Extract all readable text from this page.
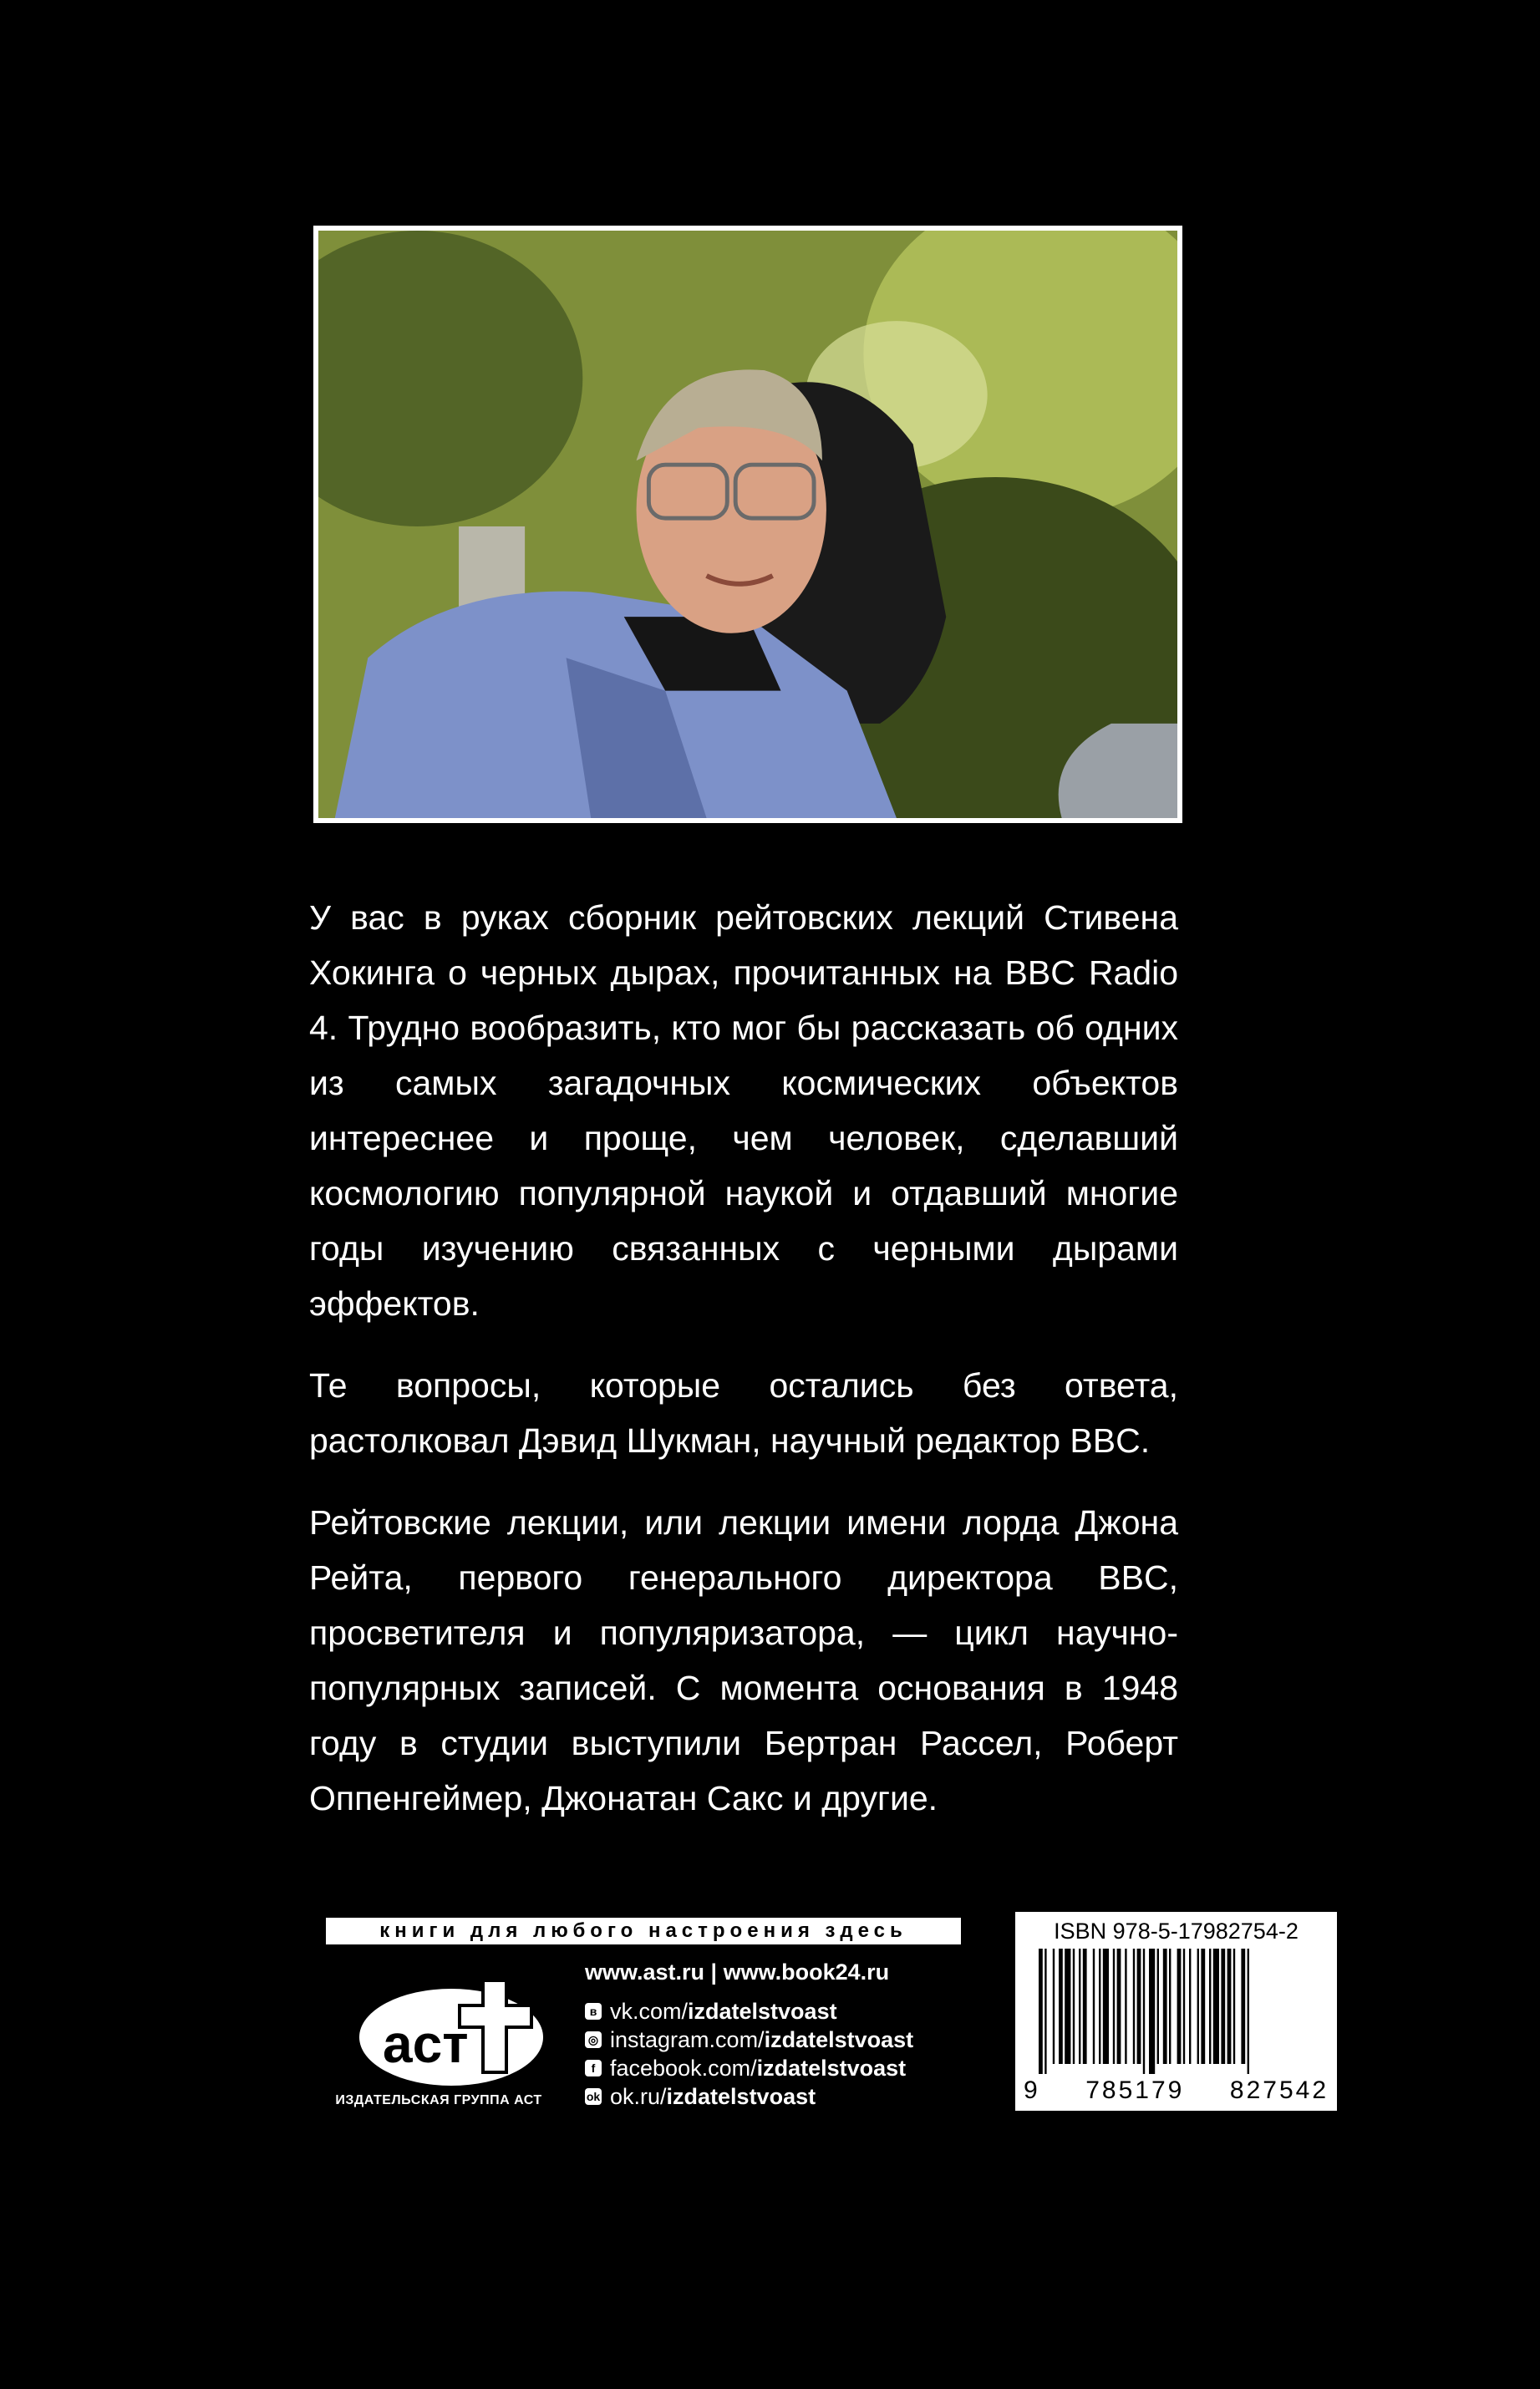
У вас в руках сборник рейтовских лекций Стивена Хокинга о черных дырах, прочитанных на BBC Radio 4. Трудно вообразить, кто мог бы рассказать об одних из самых загадочных космических объектов интереснее и проще, чем человек, сделавший космологию популярной наукой и отдавший многие годы изучению связанных с черными дырами эффектов.

Те вопросы, которые остались без ответа, растолковал Дэвид Шукман, научный редактор BBC.

Рейтовские лекции, или лекции имени лорда Джона Рейта, первого генерального директора BBC, просветителя и популяризатора, — цикл научно-популярных записей. С момента основания в 1948 году в студии выступили Бертран Рассел, Роберт Оппенгеймер, Джонатан Сакс и другие.

книги для любого настроения здесь
аст
ИЗДАТЕЛЬСКАЯ ГРУППА АСТ
www.ast.ru | www.book24.ru
в vk.com/ izdatelstvoast
◎ instagram.com/ izdatelstvoast
f facebook.com/ izdatelstvoast
ok ok.ru/ izdatelstvoast
ISBN 978-5-17982754-2
9 785179 827542
